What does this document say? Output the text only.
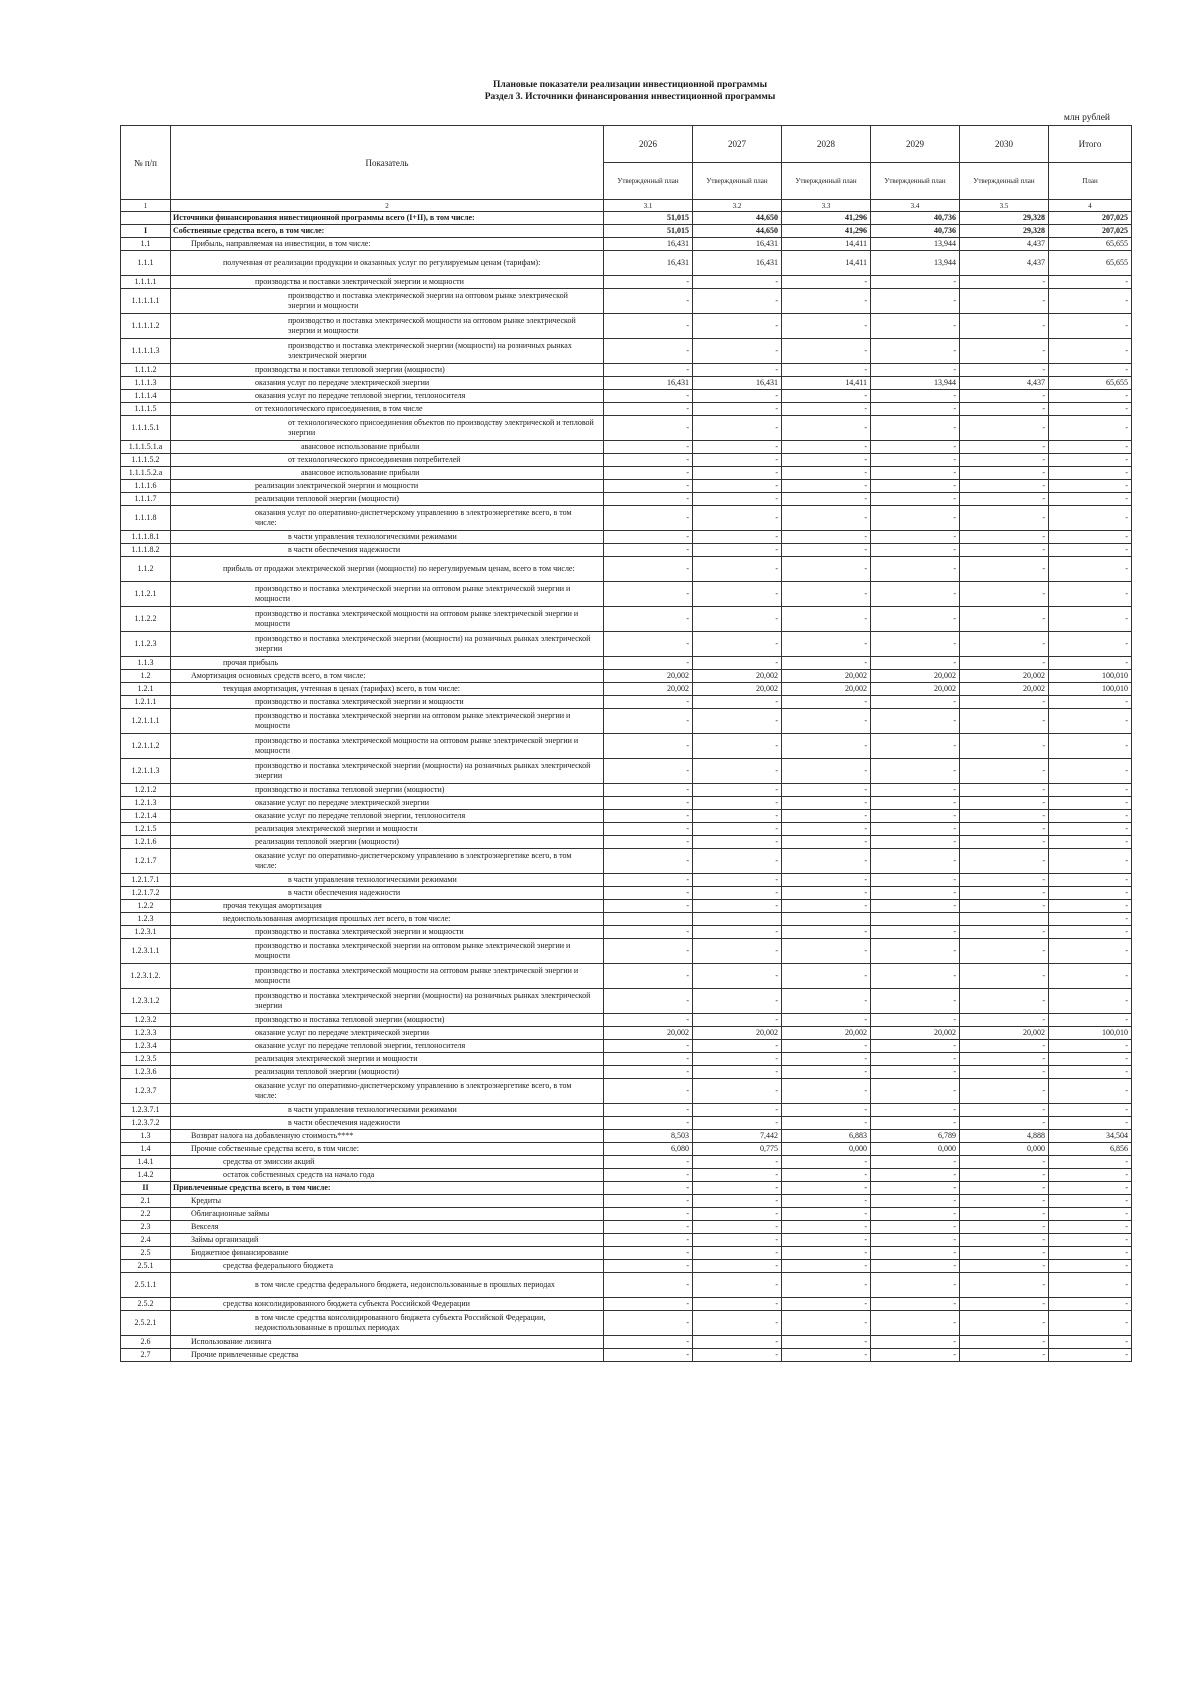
Плановые показатели реализации инвестиционной программы
Раздел 3. Источники финансирования инвестиционной программы
млн рублей
№ п/п	Показатель	2026	2027	2028	2029	2030	Итого
		Утвержденный план	Утвержденный план	Утвержденный план	Утвержденный план	Утвержденный план	План
1	2	3.1	3.2	3.3	3.4	3.5	4
	Источники финансирования инвестиционной программы всего (I+II), в том числе:	51,015	44,650	41,296	40,736	29,328	207,025
I	Собственные средства всего, в том числе:	51,015	44,650	41,296	40,736	29,328	207,025
1.1	Прибыль, направляемая на инвестиции, в том числе:	16,431	16,431	14,411	13,944	4,437	65,655
1.1.1	полученная от реализации продукции и оказанных услуг по регулируемым ценам (тарифам):	16,431	16,431	14,411	13,944	4,437	65,655
1.1.1.1	производства и поставки электрической энергии и мощности	-	-	-	-	-	-
1.1.1.1.1	производство и поставка электрической энергии на оптовом рынке электрической энергии и мощности	-	-	-	-	-	-
1.1.1.1.2	производство и поставка электрической мощности на оптовом рынке электрической энергии и мощности	-	-	-	-	-	-
1.1.1.1.3	производство и поставка электрической энергии (мощности) на розничных рынках электрической энергии	-	-	-	-	-	-
1.1.1.2	производства и поставки тепловой энергии (мощности)	-	-	-	-	-	-
1.1.1.3	оказания услуг по передаче электрической энергии	16,431	16,431	14,411	13,944	4,437	65,655
1.1.1.4	оказания услуг по передаче тепловой энергии, теплоносителя	-	-	-	-	-	-
1.1.1.5	от технологического присоединения, в том числе	-	-	-	-	-	-
1.1.1.5.1	от технологического присоединения объектов по производству электрической и тепловой энергии	-	-	-	-	-	-
1.1.1.5.1.а	авансовое использование прибыли	-	-	-	-	-	-
1.1.1.5.2	от технологического присоединения потребителей	-	-	-	-	-	-
1.1.1.5.2.а	авансовое использование прибыли	-	-	-	-	-	-
1.1.1.6	реализации электрической энергии и мощности	-	-	-	-	-	-
1.1.1.7	реализации тепловой энергии (мощности)	-	-	-	-	-	-
1.1.1.8	оказания услуг по оперативно-диспетчерскому управлению в электроэнергетике всего, в том числе:	-	-	-	-	-	-
1.1.1.8.1	в части управления технологическими режимами	-	-	-	-	-	-
1.1.1.8.2	в части обеспечения надежности	-	-	-	-	-	-
1.1.2	прибыль от продажи электрической энергии (мощности) по нерегулируемым ценам, всего в том числе:	-	-	-	-	-	-
1.1.2.1	производство и поставка электрической энергии на оптовом рынке электрической энергии и мощности	-	-	-	-	-	-
1.1.2.2	производство и поставка электрической мощности на оптовом рынке электрической энергии и мощности	-	-	-	-	-	-
1.1.2.3	производство и поставка электрической энергии (мощности) на розничных рынках электрической энергии	-	-	-	-	-	-
1.1.3	прочая прибыль	-	-	-	-	-	-
1.2	Амортизация основных средств всего, в том числе:	20,002	20,002	20,002	20,002	20,002	100,010
1.2.1	текущая амортизация, учтенная в ценах (тарифах) всего, в том числе:	20,002	20,002	20,002	20,002	20,002	100,010
1.2.1.1	производство и поставка электрической энергии и мощности	-	-	-	-	-	-
1.2.1.1.1	производство и поставка электрической энергии на оптовом рынке электрической энергии и мощности	-	-	-	-	-	-
1.2.1.1.2	производство и поставка электрической мощности на оптовом рынке электрической энергии и мощности	-	-	-	-	-	-
1.2.1.1.3	производство и поставка электрической энергии (мощности) на розничных рынках электрической энергии	-	-	-	-	-	-
1.2.1.2	производство и поставка тепловой энергии (мощности)	-	-	-	-	-	-
1.2.1.3	оказание услуг по передаче электрической энергии	-	-	-	-	-	-
1.2.1.4	оказание услуг по передаче тепловой энергии, теплоносителя	-	-	-	-	-	-
1.2.1.5	реализация электрической энергии и мощности	-	-	-	-	-	-
1.2.1.6	реализации тепловой энергии (мощности)	-	-	-	-	-	-
1.2.1.7	оказание услуг по оперативно-диспетчерскому управлению в электроэнергетике всего, в том числе:	-	-	-	-	-	-
1.2.1.7.1	в части управления технологическими режимами	-	-	-	-	-	-
1.2.1.7.2	в части обеспечения надежности	-	-	-	-	-	-
1.2.2	прочая текущая амортизация	-	-	-	-	-	-
1.2.3	недоиспользованная амортизация прошлых лет всего, в том числе:						-
1.2.3.1	производство и поставка электрической энергии и мощности	-	-	-	-	-	-
1.2.3.1.1	производство и поставка электрической энергии на оптовом рынке электрической энергии и мощности	-	-	-	-	-	-
1.2.3.1.2.	производство и поставка электрической мощности на оптовом рынке электрической энергии и мощности	-	-	-	-	-	-
1.2.3.1.2	производство и поставка электрической энергии (мощности) на розничных рынках электрической энергии	-	-	-	-	-	-
1.2.3.2	производство и поставка тепловой энергии (мощности)	-	-	-	-	-	-
1.2.3.3	оказание услуг по передаче электрической энергии	20,002	20,002	20,002	20,002	20,002	100,010
1.2.3.4	оказание услуг по передаче тепловой энергии, теплоносителя	-	-	-	-	-	-
1.2.3.5	реализация электрической энергии и мощности	-	-	-	-	-	-
1.2.3.6	реализации тепловой энергии (мощности)	-	-	-	-	-	-
1.2.3.7	оказание услуг по оперативно-диспетчерскому управлению в электроэнергетике всего, в том числе:	-	-	-	-	-	-
1.2.3.7.1	в части управления технологическими режимами	-	-	-	-	-	-
1.2.3.7.2	в части обеспечения надежности	-	-	-	-	-	-
1.3	Возврат налога на добавленную стоимость****	8,503	7,442	6,883	6,789	4,888	34,504
1.4	Прочие собственные средства всего, в том числе:	6,080	0,775	0,000	0,000	0,000	6,856
1.4.1	средства от эмиссии акций	-	-	-	-	-	-
1.4.2	остаток собственных средств на начало года	-	-	-	-	-	-
II	Привлеченные средства всего, в том числе:	-	-	-	-	-	-
2.1	Кредиты	-	-	-	-	-	-
2.2	Облигационные займы	-	-	-	-	-	-
2.3	Векселя	-	-	-	-	-	-
2.4	Займы организаций	-	-	-	-	-	-
2.5	Бюджетное финансирование	-	-	-	-	-	-
2.5.1	средства федерального бюджета	-	-	-	-	-	-
2.5.1.1	в том числе средства федерального бюджета, недоиспользованные в прошлых периодах	-	-	-	-	-	-
2.5.2	средства консолидированного бюджета субъекта Российской Федерации	-	-	-	-	-	-
2.5.2.1	в том числе средства консолидированного бюджета субъекта Российской Федерации, недоиспользованные в прошлых периодах	-	-	-	-	-	-
2.6	Использование лизинга	-	-	-	-	-	-
2.7	Прочие привлеченные средства	-	-	-	-	-	-
